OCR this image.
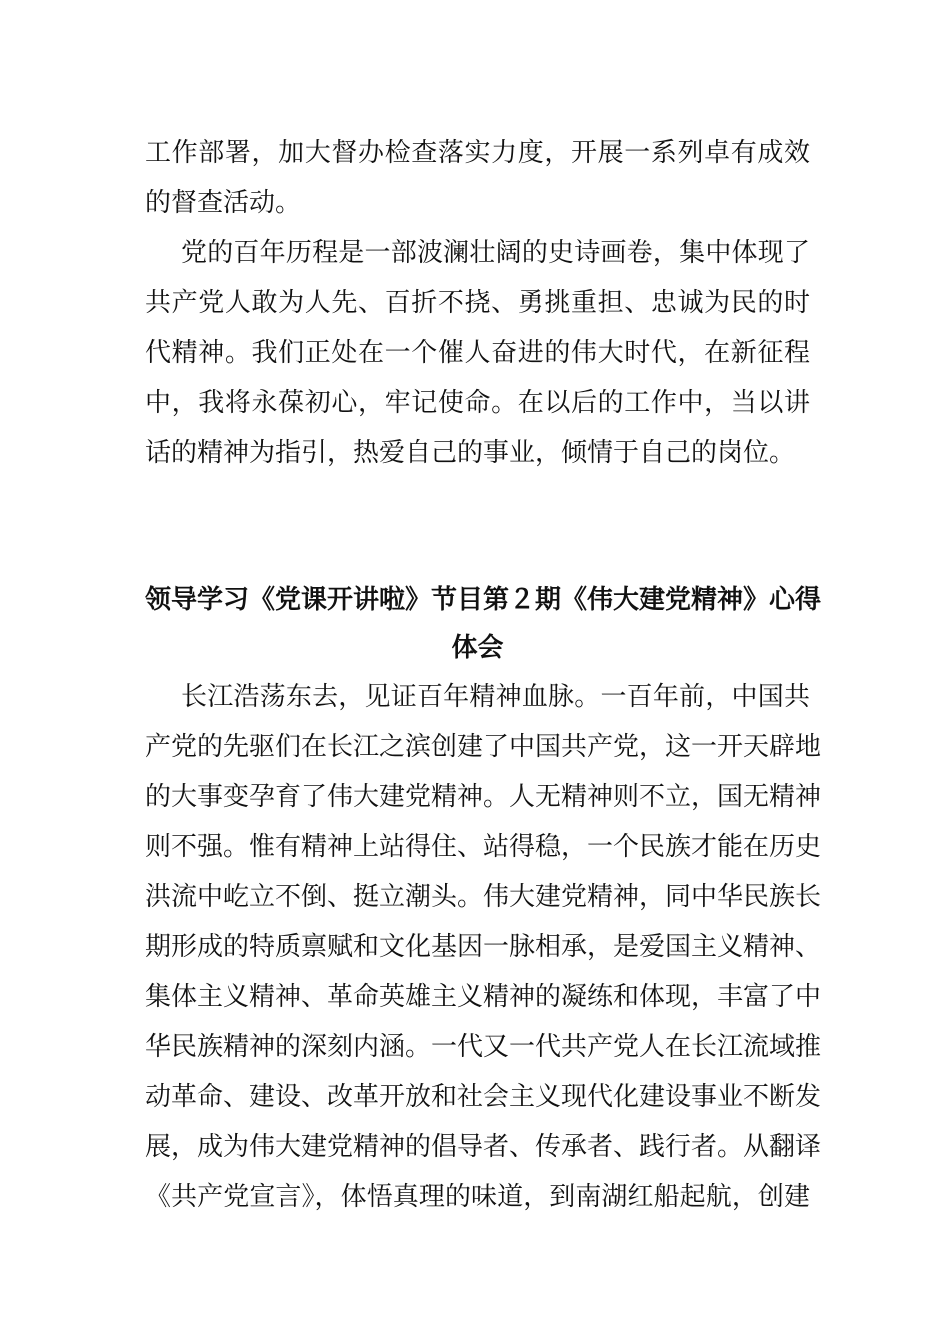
工作部署，加大督办检查落实力度，开展一系列卓有成效
的督查活动。
党的百年历程是一部波澜壮阔的史诗画卷，集中体现了
共产党人敢为人先、百折不挠、勇挑重担、忠诚为民的时
代精神。我们正处在一个催人奋进的伟大时代，在新征程
中，我将永葆初心，牢记使命。在以后的工作中，当以讲
话的精神为指引，热爱自己的事业，倾情于自己的岗位。
领导学习《党课开讲啦》节目第２期《伟大建党精神》心得
体会
长江浩荡东去，见证百年精神血脉。一百年前，中国共
产党的先驱们在长江之滨创建了中国共产党，这一开天辟地
的大事变孕育了伟大建党精神。人无精神则不立，国无精神
则不强。惟有精神上站得住、站得稳，一个民族才能在历史
洪流中屹立不倒、挺立潮头。伟大建党精神，同中华民族长
期形成的特质禀赋和文化基因一脉相承，是爱国主义精神、
集体主义精神、革命英雄主义精神的凝练和体现，丰富了中
华民族精神的深刻内涵。一代又一代共产党人在长江流域推
动革命、建设、改革开放和社会主义现代化建设事业不断发
展，成为伟大建党精神的倡导者、传承者、践行者。从翻译
《共产党宣言》，体悟真理的味道，到南湖红船起航，创建
